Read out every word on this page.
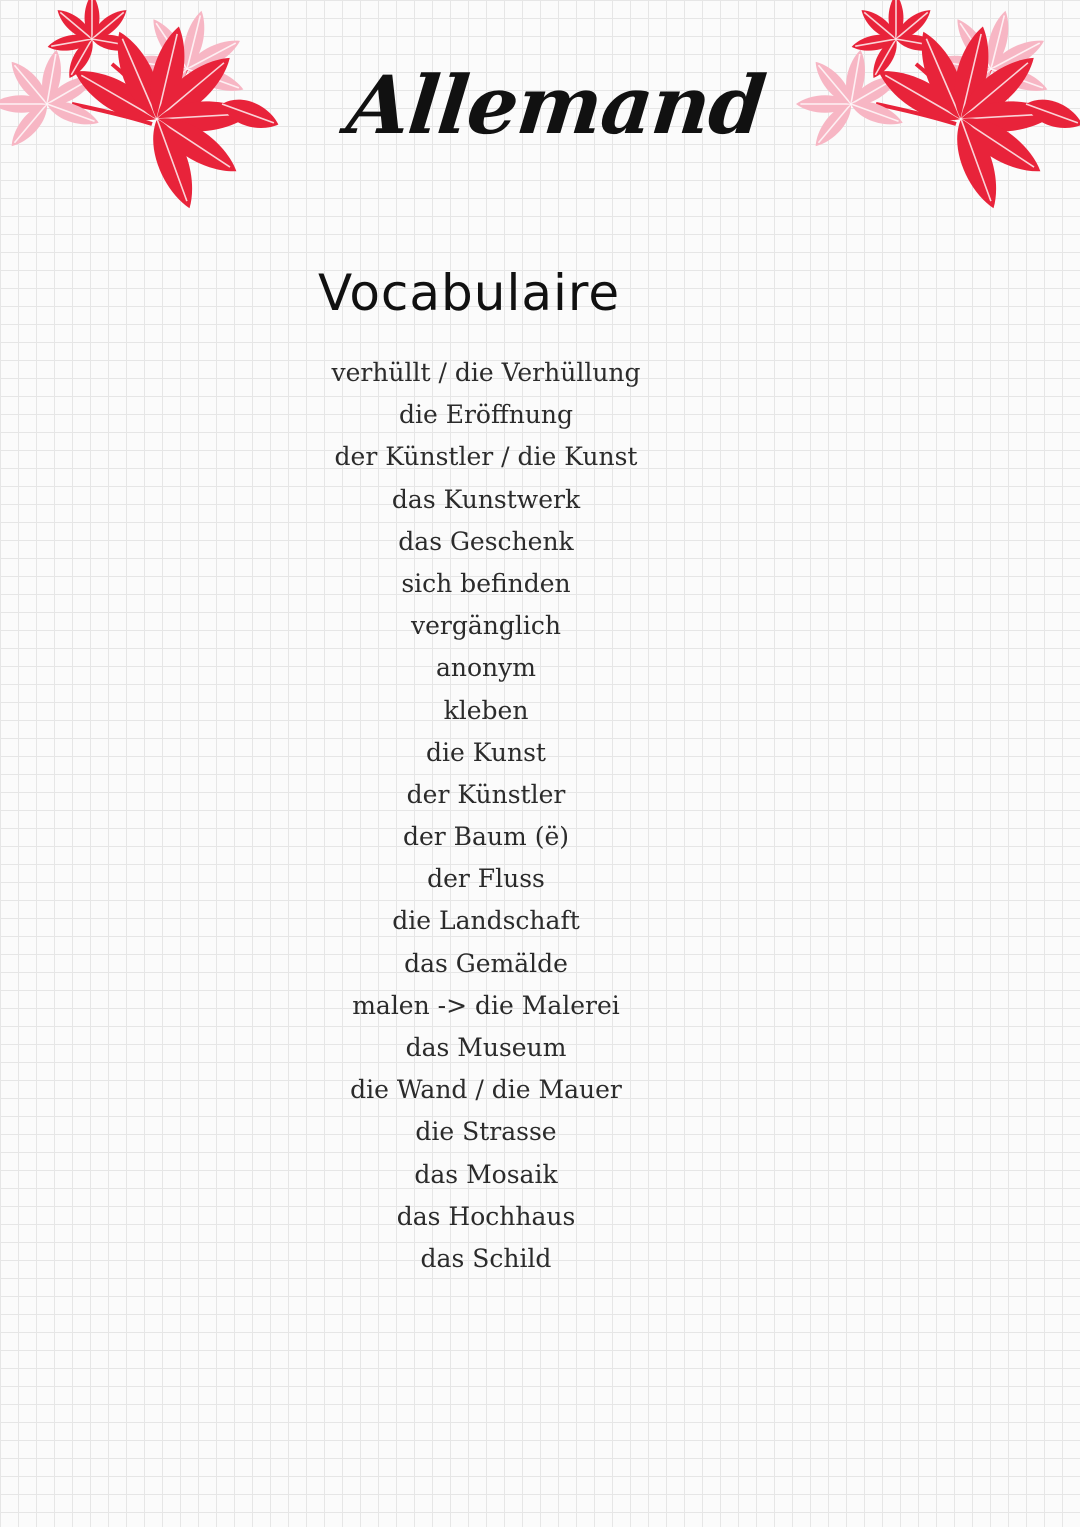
Allemand
Vocabulaire
verhüllt / die Verhüllung
die Eröffnung
der Künstler / die Kunst
das Kunstwerk
das Geschenk
sich befinden
vergänglich
anonym
kleben
die Kunst
der Künstler
der Baum (ë)
der Fluss
die Landschaft
das Gemälde
malen -> die Malerei
das Museum
die Wand / die Mauer
die Strasse
das Mosaik
das Hochhaus
das Schild
